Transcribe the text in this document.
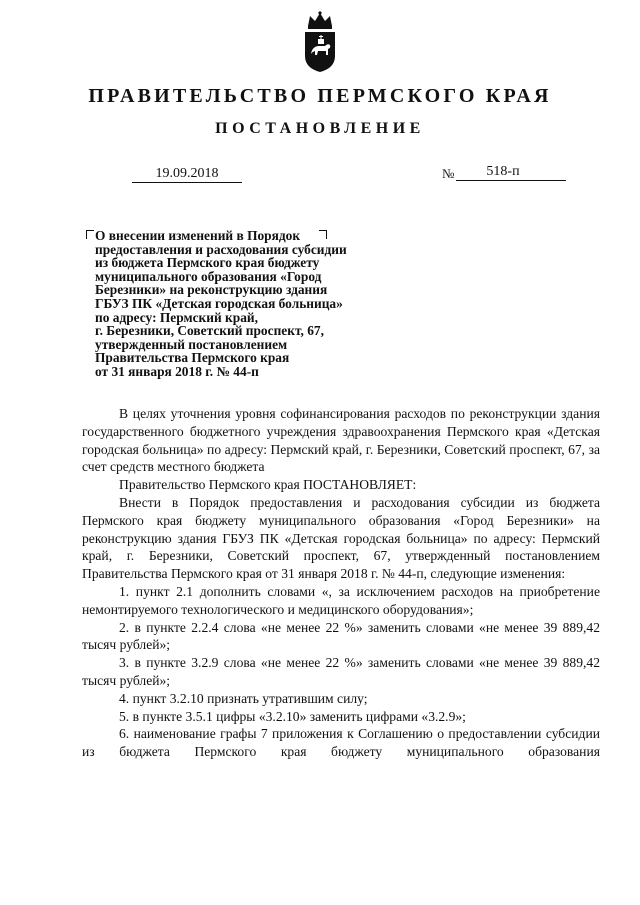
ПРАВИТЕЛЬСТВО ПЕРМСКОГО КРАЯ
ПОСТАНОВЛЕНИЕ
19.09.2018	№	518-п
О внесении изменений в Порядок
предоставления и расходования субсидии
из бюджета Пермского края бюджету
муниципального образования «Город
Березники» на реконструкцию здания
ГБУЗ ПК «Детская городская больница»
по адресу: Пермский край,
г. Березники, Советский проспект, 67,
утвержденный постановлением
Правительства Пермского края
от 31 января 2018 г. № 44-п

В целях уточнения уровня софинансирования расходов по реконструкции здания государственного бюджетного учреждения здравоохранения Пермского края «Детская городская больница» по адресу: Пермский край, г. Березники, Советский проспект, 67, за счет средств местного бюджета

Правительство Пермского края ПОСТАНОВЛЯЕТ:

Внести в Порядок предоставления и расходования субсидии из бюджета Пермского края бюджету муниципального образования «Город Березники» на реконструкцию здания ГБУЗ ПК «Детская городская больница» по адресу: Пермский край, г. Березники, Советский проспект, 67, утвержденный постановлением Правительства Пермского края от 31 января 2018 г. № 44-п, следующие изменения:

1. пункт 2.1 дополнить словами «, за исключением расходов на приобретение немонтируемого технологического и медицинского оборудования»;

2. в пункте 2.2.4 слова «не менее 22 %» заменить словами «не менее 39 889,42 тысяч рублей»;

3. в пункте 3.2.9 слова «не менее 22 %» заменить словами «не менее 39 889,42 тысяч рублей»;

4. пункт 3.2.10 признать утратившим силу;

5. в пункте 3.5.1 цифры «3.2.10» заменить цифрами «3.2.9»;

6. наименование графы 7 приложения к Соглашению о предоставлении субсидии из бюджета Пермского края бюджету муниципального образования
